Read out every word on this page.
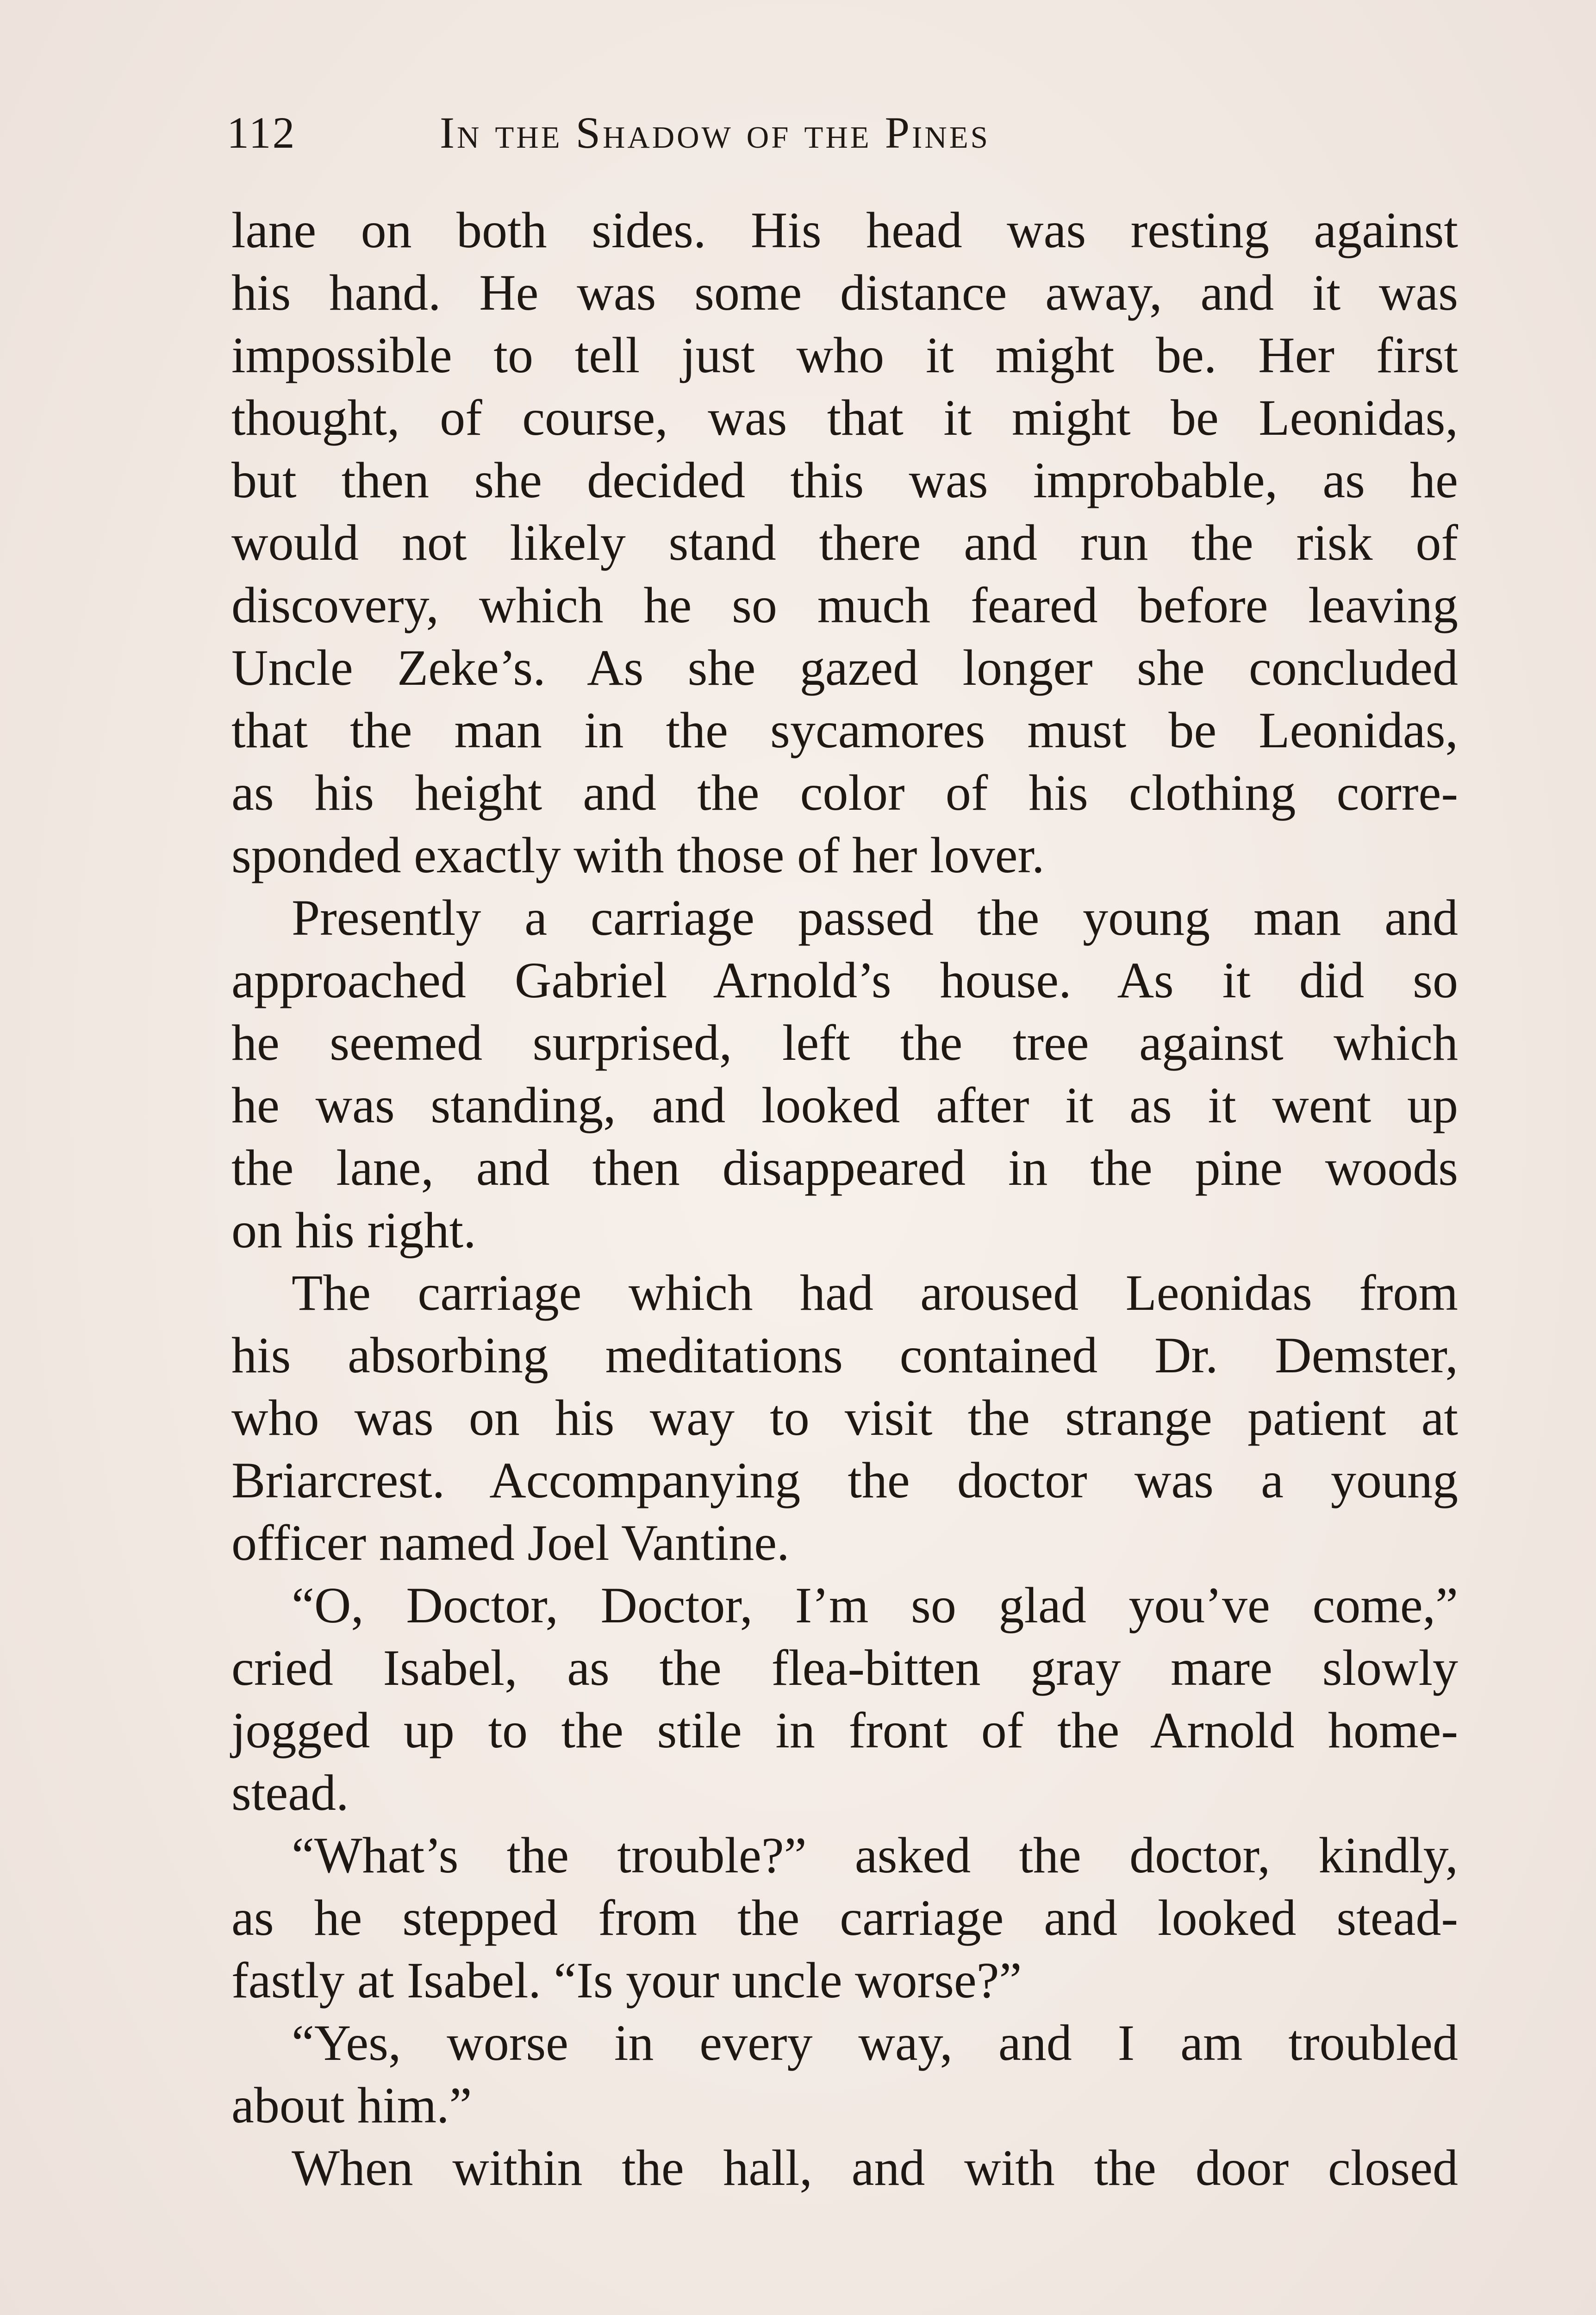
112	In the Shadow of the Pines
lane on both sides. His head was resting against
his hand. He was some distance away, and it was
impossible to tell just who it might be. Her first
thought, of course, was that it might be Leonidas,
but then she decided this was improbable, as he
would not likely stand there and run the risk of
discovery, which he so much feared before leaving
Uncle Zeke’s. As she gazed longer she concluded
that the man in the sycamores must be Leonidas,
as his height and the color of his clothing corre-
sponded exactly with those of her lover.
Presently a carriage passed the young man and
approached Gabriel Arnold’s house. As it did so
he seemed surprised, left the tree against which
he was standing, and looked after it as it went up
the lane, and then disappeared in the pine woods
on his right.
The carriage which had aroused Leonidas from
his absorbing meditations contained Dr. Demster,
who was on his way to visit the strange patient at
Briarcrest. Accompanying the doctor was a young
officer named Joel Vantine.
“O, Doctor, Doctor, I’m so glad you’ve come,”
cried Isabel, as the flea-bitten gray mare slowly
jogged up to the stile in front of the Arnold home-
stead.
“What’s the trouble?” asked the doctor, kindly,
as he stepped from the carriage and looked stead-
fastly at Isabel. “Is your uncle worse?”
“Yes, worse in every way, and I am troubled
about him.”
When within the hall, and with the door closed
